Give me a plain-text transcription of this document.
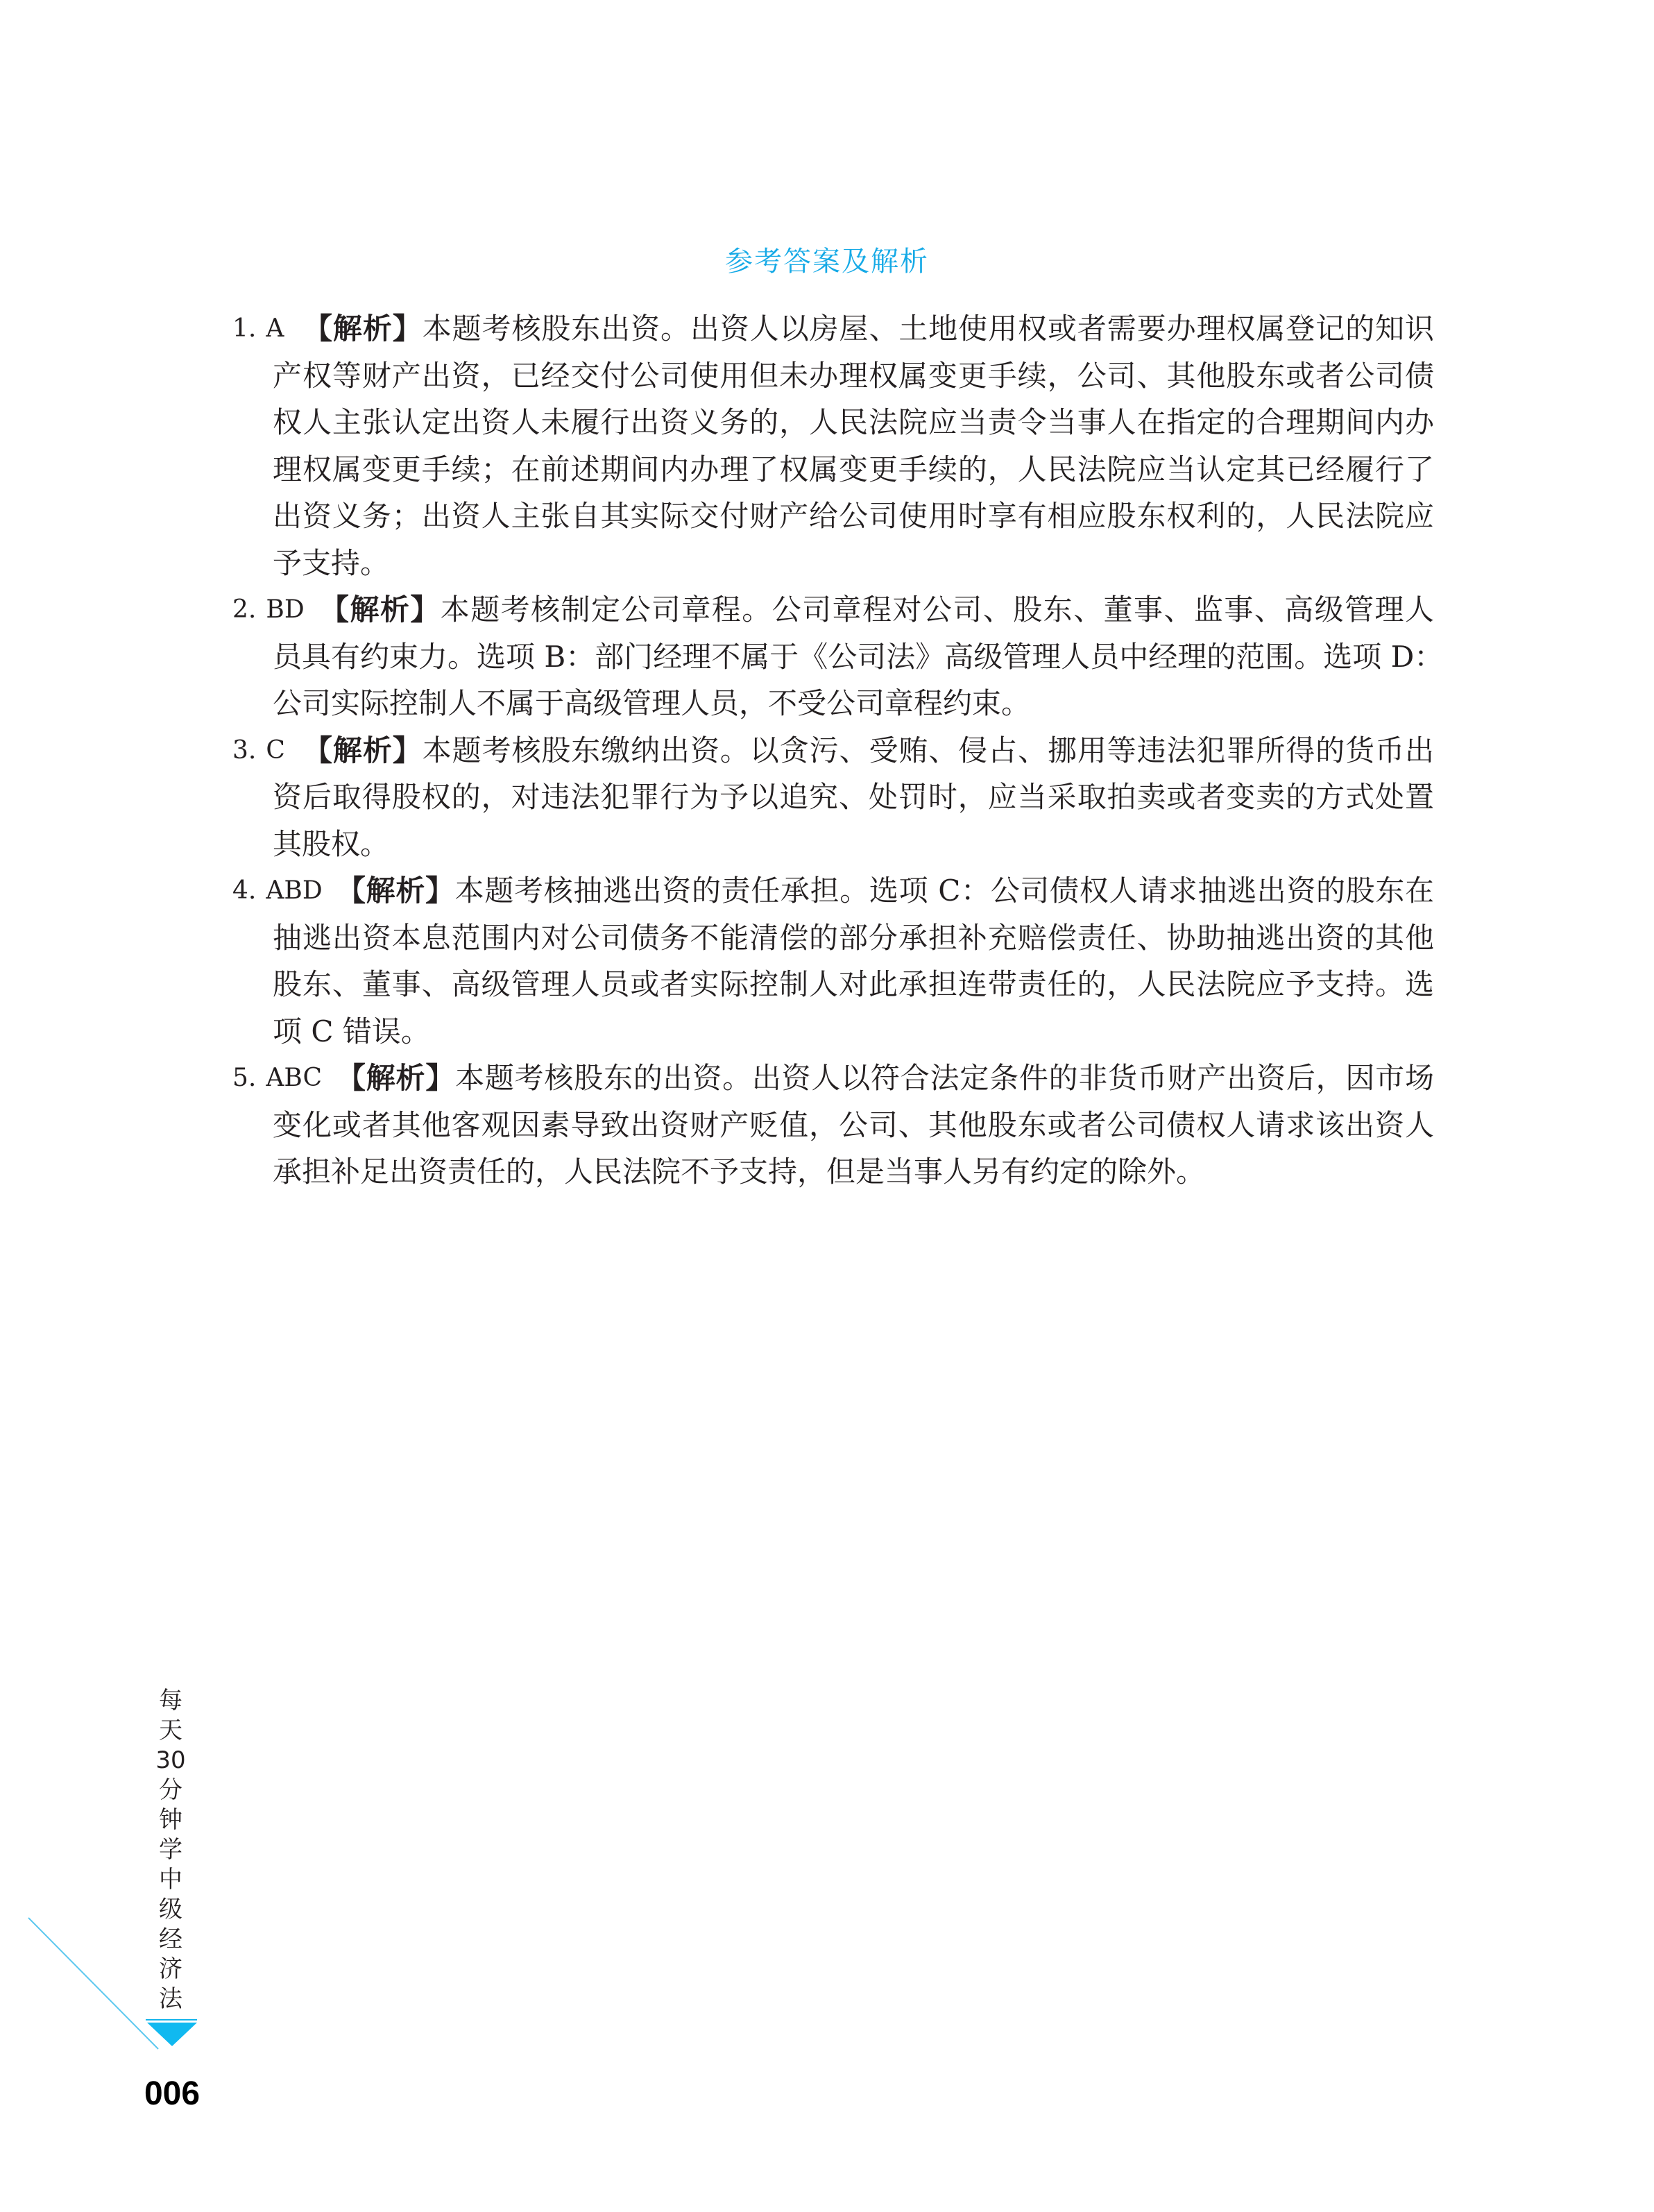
参考答案及解析
1. A 【解析】本题考核股东出资。出资人以房屋、土地使用权或者需要办理权属登记的知识
产权等财产出资，已经交付公司使用但未办理权属变更手续，公司、其他股东或者公司债
权人主张认定出资人未履行出资义务的，人民法院应当责令当事人在指定的合理期间内办
理权属变更手续；在前述期间内办理了权属变更手续的，人民法院应当认定其已经履行了
出资义务；出资人主张自其实际交付财产给公司使用时享有相应股东权利的，人民法院应
予支持。
2. BD 【解析】本题考核制定公司章程。公司章程对公司、股东、董事、监事、高级管理人
员具有约束力。选项 B：部门经理不属于《公司法》高级管理人员中经理的范围。选项 D：
公司实际控制人不属于高级管理人员，不受公司章程约束。
3. C 【解析】本题考核股东缴纳出资。以贪污、受贿、侵占、挪用等违法犯罪所得的货币出
资后取得股权的，对违法犯罪行为予以追究、处罚时，应当采取拍卖或者变卖的方式处置
其股权。
4. ABD 【解析】本题考核抽逃出资的责任承担。选项 C：公司债权人请求抽逃出资的股东在
抽逃出资本息范围内对公司债务不能清偿的部分承担补充赔偿责任、协助抽逃出资的其他
股东、董事、高级管理人员或者实际控制人对此承担连带责任的，人民法院应予支持。选
项 C 错误。
5. ABC 【解析】本题考核股东的出资。出资人以符合法定条件的非货币财产出资后，因市场
变化或者其他客观因素导致出资财产贬值，公司、其他股东或者公司债权人请求该出资人
承担补足出资责任的，人民法院不予支持，但是当事人另有约定的除外。
每
天
30
分
钟
学
中
级
经
济
法
006
